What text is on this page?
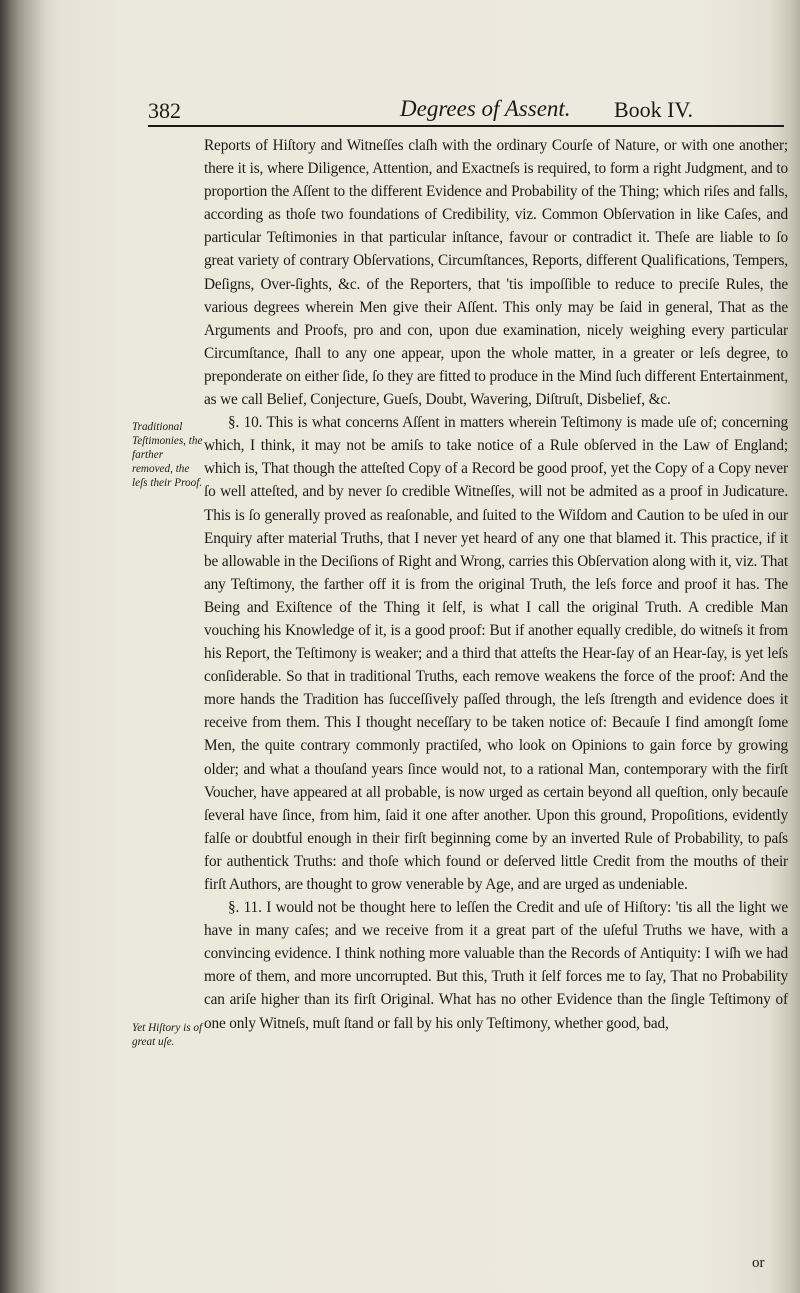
382	Degrees of Assent. Book IV.
Traditional Teſtimonies, the farther removed, the leſs their Proof.
Yet Hiſtory is of great uſe.

Reports of Hiſtory and Witneſſes claſh with the ordinary Courſe of Nature, or with one another; there it is, where Diligence, Attention, and Exactneſs is required, to form a right Judgment, and to proportion the Aſſent to the different Evidence and Probability of the Thing; which riſes and falls, according as thoſe two foundations of Credibility, viz. Common Obſervation in like Caſes, and particular Teſtimonies in that particular inſtance, favour or contradict it. Theſe are liable to ſo great variety of contrary Obſervations, Circumſtances, Reports, different Qualifications, Tempers, Deſigns, Over-ſights, &c. of the Reporters, that 'tis impoſſible to reduce to preciſe Rules, the various degrees wherein Men give their Aſſent. This only may be ſaid in general, That as the Arguments and Proofs, pro and con, upon due examination, nicely weighing every particular Circumſtance, ſhall to any one appear, upon the whole matter, in a greater or leſs degree, to preponderate on either ſide, ſo they are fitted to produce in the Mind ſuch different Entertainment, as we call Belief, Conjecture, Gueſs, Doubt, Wavering, Diſtruſt, Disbelief, &c.

§. 10. This is what concerns Aſſent in matters wherein Teſtimony is made uſe of; concerning which, I think, it may not be amiſs to take notice of a Rule obſerved in the Law of England; which is, That though the atteſted Copy of a Record be good proof, yet the Copy of a Copy never ſo well atteſted, and by never ſo credible Witneſſes, will not be admited as a proof in Judicature. This is ſo generally proved as reaſonable, and ſuited to the Wiſdom and Caution to be uſed in our Enquiry after material Truths, that I never yet heard of any one that blamed it. This practice, if it be allowable in the Deciſions of Right and Wrong, carries this Obſervation along with it, viz. That any Teſtimony, the farther off it is from the original Truth, the leſs force and proof it has. The Being and Exiſtence of the Thing it ſelf, is what I call the original Truth. A credible Man vouching his Knowledge of it, is a good proof: But if another equally credible, do witneſs it from his Report, the Teſtimony is weaker; and a third that atteſts the Hear-ſay of an Hear-ſay, is yet leſs conſiderable. So that in traditional Truths, each remove weakens the force of the proof: And the more hands the Tradition has ſucceſſively paſſed through, the leſs ſtrength and evidence does it receive from them. This I thought neceſſary to be taken notice of: Becauſe I find amongſt ſome Men, the quite contrary commonly practiſed, who look on Opinions to gain force by growing older; and what a thouſand years ſince would not, to a rational Man, contemporary with the firſt Voucher, have appeared at all probable, is now urged as certain beyond all queſtion, only becauſe ſeveral have ſince, from him, ſaid it one after another. Upon this ground, Propoſitions, evidently falſe or doubtful enough in their firſt beginning come by an inverted Rule of Probability, to paſs for authentick Truths: and thoſe which found or deſerved little Credit from the mouths of their firſt Authors, are thought to grow venerable by Age, and are urged as undeniable.

§. 11. I would not be thought here to leſſen the Credit and uſe of Hiſtory: 'tis all the light we have in many caſes; and we receive from it a great part of the uſeful Truths we have, with a convincing evidence. I think nothing more valuable than the Records of Antiquity: I wiſh we had more of them, and more uncorrupted. But this, Truth it ſelf forces me to ſay, That no Probability can ariſe higher than its firſt Original. What has no other Evidence than the ſingle Teſtimony of one only Witneſs, muſt ſtand or fall by his only Teſtimony, whether good, bad,

or
